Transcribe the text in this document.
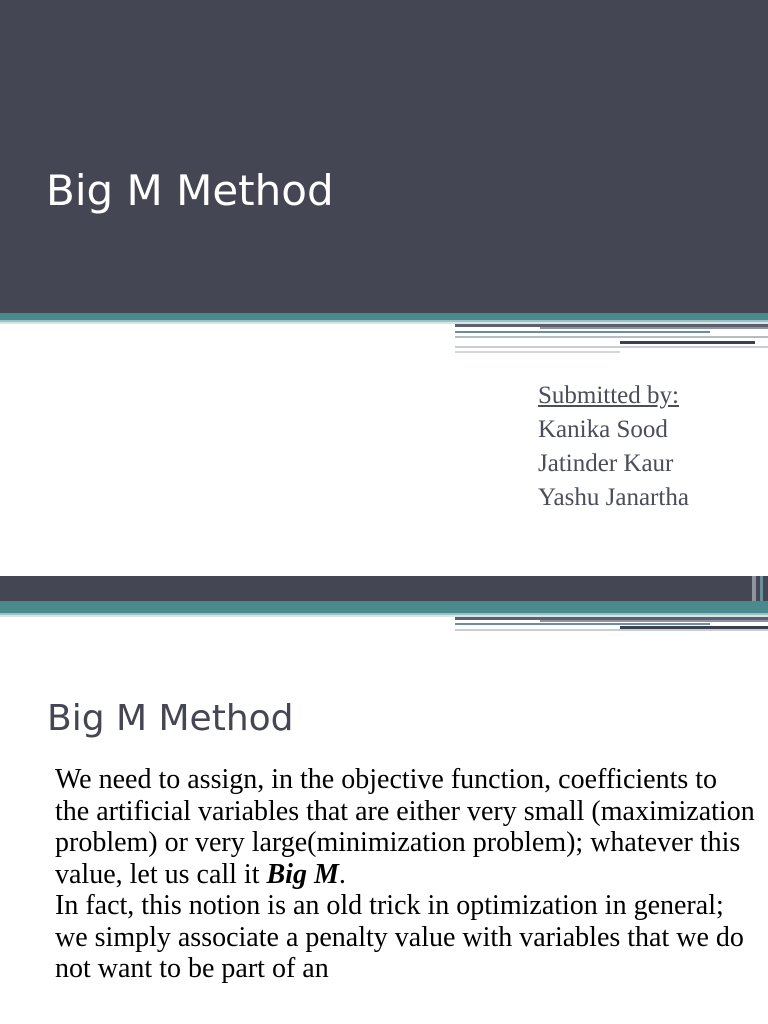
Big M Method
Submitted by:
Kanika Sood
Jatinder Kaur
Yashu Janartha
Big M Method

We need to assign, in the objective function, coefficients to the artificial variables that are either very small (maximization problem) or very large(minimization problem); whatever this value, let us call it Big M.

In fact, this notion is an old trick in optimization in general; we simply associate a penalty value with variables that we do not want to be part of an
